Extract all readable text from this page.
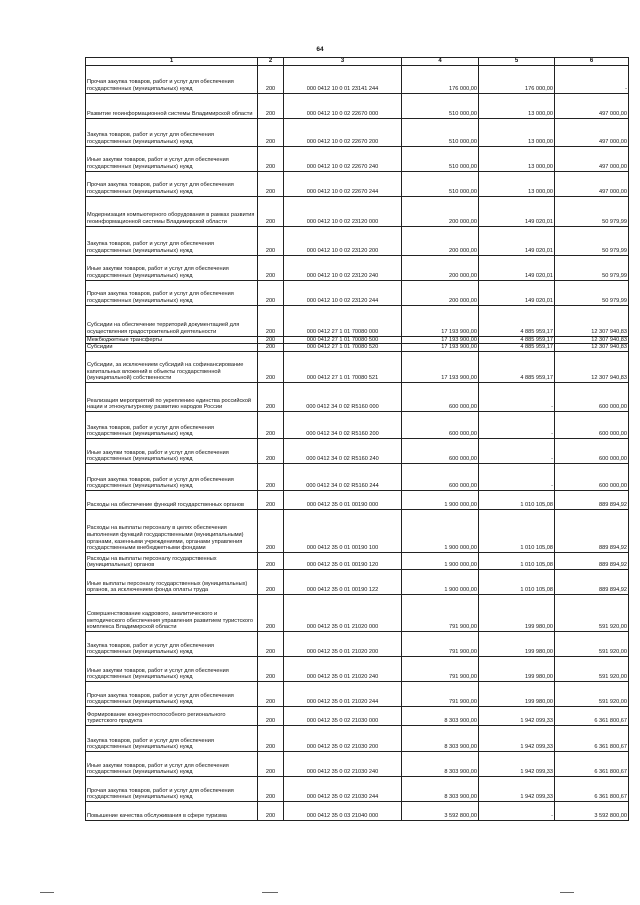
64
1	2	3	4	5	6
Прочая закупка товаров, работ и услуг для обеспечения государственных (муниципальных) нужд	200	000 0412 10 0 01 23141 244	176 000,00	176 000,00	-
Развитие геоинформационной системы Владимирской области	200	000 0412 10 0 02 22670 000	510 000,00	13 000,00	497 000,00
Закупка товаров, работ и услуг для обеспечения государственных (муниципальных) нужд	200	000 0412 10 0 02 22670 200	510 000,00	13 000,00	497 000,00
Иные закупки товаров, работ и услуг для обеспечения государственных (муниципальных) нужд	200	000 0412 10 0 02 22670 240	510 000,00	13 000,00	497 000,00
Прочая закупка товаров, работ и услуг для обеспечения государственных (муниципальных) нужд	200	000 0412 10 0 02 22670 244	510 000,00	13 000,00	497 000,00
Модернизация компьютерного оборудования в рамках развития геоинформационной системы Владимирской области	200	000 0412 10 0 02 23120 000	200 000,00	149 020,01	50 979,99
Закупка товаров, работ и услуг для обеспечения государственных (муниципальных) нужд	200	000 0412 10 0 02 23120 200	200 000,00	149 020,01	50 979,99
Иные закупки товаров, работ и услуг для обеспечения государственных (муниципальных) нужд	200	000 0412 10 0 02 23120 240	200 000,00	149 020,01	50 979,99
Прочая закупка товаров, работ и услуг для обеспечения государственных (муниципальных) нужд	200	000 0412 10 0 02 23120 244	200 000,00	149 020,01	50 979,99
Субсидии на обеспечение территорий документацией для осуществления градостроительной деятельности	200	000 0412 27 1 01 70080 000	17 193 900,00	4 885 959,17	12 307 940,83
Межбюджетные трансферты	200	000 0412 27 1 01 70080 500	17 193 900,00	4 885 959,17	12 307 940,83
Субсидии	200	000 0412 27 1 01 70080 520	17 193 900,00	4 885 959,17	12 307 940,83
Субсидии, за исключением субсидий на софинансирование капитальных вложений в объекты государственной (муниципальной) собственности	200	000 0412 27 1 01 70080 521	17 193 900,00	4 885 959,17	12 307 940,83
Реализация мероприятий по укреплению единства российской нации и этнокультурному развитию народов России	200	000 0412 34 0 02 R5160 000	600 000,00	-	600 000,00
Закупка товаров, работ и услуг для обеспечения государственных (муниципальных) нужд	200	000 0412 34 0 02 R5160 200	600 000,00	-	600 000,00
Иные закупки товаров, работ и услуг для обеспечения государственных (муниципальных) нужд	200	000 0412 34 0 02 R5160 240	600 000,00	-	600 000,00
Прочая закупка товаров, работ и услуг для обеспечения государственных (муниципальных) нужд	200	000 0412 34 0 02 R5160 244	600 000,00	-	600 000,00
Расходы на обеспечение функций государственных органов	200	000 0412 35 0 01 00190 000	1 900 000,00	1 010 105,08	889 894,92
Расходы на выплаты персоналу в целях обеспечения выполнения функций государственными (муниципальными) органами, казенными учреждениями, органами управления государственными внебюджетными фондами	200	000 0412 35 0 01 00190 100	1 900 000,00	1 010 105,08	889 894,92
Расходы на выплаты персоналу государственных (муниципальных) органов	200	000 0412 35 0 01 00190 120	1 900 000,00	1 010 105,08	889 894,92
Иные выплаты персоналу государственных (муниципальных) органов, за исключением фонда оплаты труда	200	000 0412 35 0 01 00190 122	1 900 000,00	1 010 105,08	889 894,92
Совершенствование кадрового, аналитического и методического обеспечения управления развитием туристского комплекса Владимирской области	200	000 0412 35 0 01 21020 000	791 900,00	199 980,00	591 920,00
Закупка товаров, работ и услуг для обеспечения государственных (муниципальных) нужд	200	000 0412 35 0 01 21020 200	791 900,00	199 980,00	591 920,00
Иные закупки товаров, работ и услуг для обеспечения государственных (муниципальных) нужд	200	000 0412 35 0 01 21020 240	791 900,00	199 980,00	591 920,00
Прочая закупка товаров, работ и услуг для обеспечения государственных (муниципальных) нужд	200	000 0412 35 0 01 21020 244	791 900,00	199 980,00	591 920,00
Формирование конкурентоспособного регионального туристского продукта	200	000 0412 35 0 02 21030 000	8 303 900,00	1 942 099,33	6 361 800,67
Закупка товаров, работ и услуг для обеспечения государственных (муниципальных) нужд	200	000 0412 35 0 02 21030 200	8 303 900,00	1 942 099,33	6 361 800,67
Иные закупки товаров, работ и услуг для обеспечения государственных (муниципальных) нужд	200	000 0412 35 0 02 21030 240	8 303 900,00	1 942 099,33	6 361 800,67
Прочая закупка товаров, работ и услуг для обеспечения государственных (муниципальных) нужд	200	000 0412 35 0 02 21030 244	8 303 900,00	1 942 099,33	6 361 800,67
Повышение качества обслуживания в сфере туризма	200	000 0412 35 0 03 21040 000	3 592 800,00	-	3 592 800,00
